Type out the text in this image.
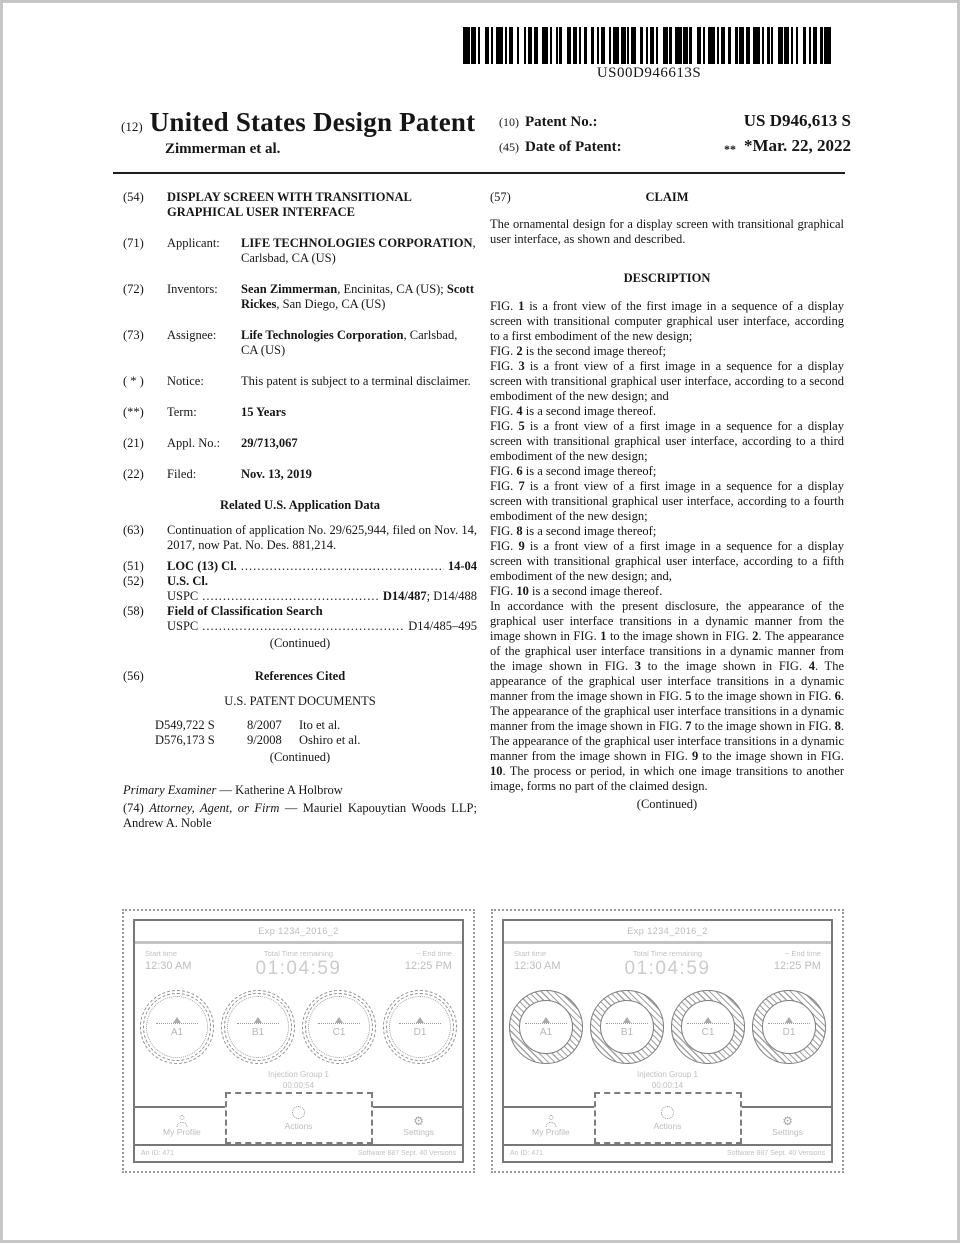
US00D946613S
(12) United States Design Patent
Zimmerman et al.
(10) Patent No.:	US D946,613 S
(45) Date of Patent:	** *Mar. 22, 2022
(54)	DISPLAY SCREEN WITH TRANSITIONAL GRAPHICAL USER INTERFACE
(71)	Applicant:	LIFE TECHNOLOGIES CORPORATION, Carlsbad, CA (US)
(72)	Inventors:	Sean Zimmerman, Encinitas, CA (US); Scott Rickes, San Diego, CA (US)
(73)	Assignee:	Life Technologies Corporation, Carlsbad, CA (US)
( * )	Notice:	This patent is subject to a terminal disclaimer.
(**)	Term:	15 Years
(21)	Appl. No.:	29/713,067
(22)	Filed:	Nov. 13, 2019
Related U.S. Application Data
(63)	Continuation of application No. 29/625,944, filed on Nov. 14, 2017, now Pat. No. Des. 881,214.
(51)	LOC (13) Cl. .....	14-04
(52)	U.S. Cl.
USPC .....	D14/487; D14/488
(58)	Field of Classification Search
USPC .....	D14/485–495
(Continued)
(56)	References Cited
U.S. PATENT DOCUMENTS
D549,722 S	8/2007	Ito et al.
D576,173 S	9/2008	Oshiro et al.
(Continued)
Primary Examiner — Katherine A Holbrow
(74) Attorney, Agent, or Firm — Mauriel Kapouytian Woods LLP; Andrew A. Noble
(57)	CLAIM
The ornamental design for a display screen with transitional graphical user interface, as shown and described.
DESCRIPTION
FIG. 1 is a front view of the first image in a sequence of a display screen with transitional computer graphical user interface, according to a first embodiment of the new design;
FIG. 2 is the second image thereof;
FIG. 3 is a front view of a first image in a sequence for a display screen with transitional graphical user interface, according to a second embodiment of the new design; and
FIG. 4 is a second image thereof.
FIG. 5 is a front view of a first image in a sequence for a display screen with transitional graphical user interface, according to a third embodiment of the new design;
FIG. 6 is a second image thereof;
FIG. 7 is a front view of a first image in a sequence for a display screen with transitional graphical user interface, according to a fourth embodiment of the new design;
FIG. 8 is a second image thereof;
FIG. 9 is a front view of a first image in a sequence for a display screen with transitional graphical user interface, according to a fifth embodiment of the new design; and,
FIG. 10 is a second image thereof.
In accordance with the present disclosure, the appearance of the graphical user interface transitions in a dynamic manner from the image shown in FIG. 1 to the image shown in FIG. 2. The appearance of the graphical user interface transitions in a dynamic manner from the image shown in FIG. 3 to the image shown in FIG. 4. The appearance of the graphical user interface transitions in a dynamic manner from the image shown in FIG. 5 to the image shown in FIG. 6. The appearance of the graphical user interface transitions in a dynamic manner from the image shown in FIG. 7 to the image shown in FIG. 8. The appearance of the graphical user interface transitions in a dynamic manner from the image shown in FIG. 9 to the image shown in FIG. 10. The process or period, in which one image transitions to another image, forms no part of the claimed design.
(Continued)
Exp 1234_2016_2
Start time
12:30 AM
Total Time remaining
01:04:59
~ End time
12:25 PM
A1	B1	C1	D1
Injection Group 1
00:00:54
My Profile
⚙
Settings
Actions
An ID: 471	Software 887 Sept. 40 Versions
Exp 1234_2016_2
Start time
12:30 AM
Total Time remaining
01:04:59
~ End time
12:25 PM
A1	B1	C1	D1
Injection Group 1
00:00:14
My Profile
⚙
Settings
Actions
An ID: 471	Software 887 Sept. 40 Versions
